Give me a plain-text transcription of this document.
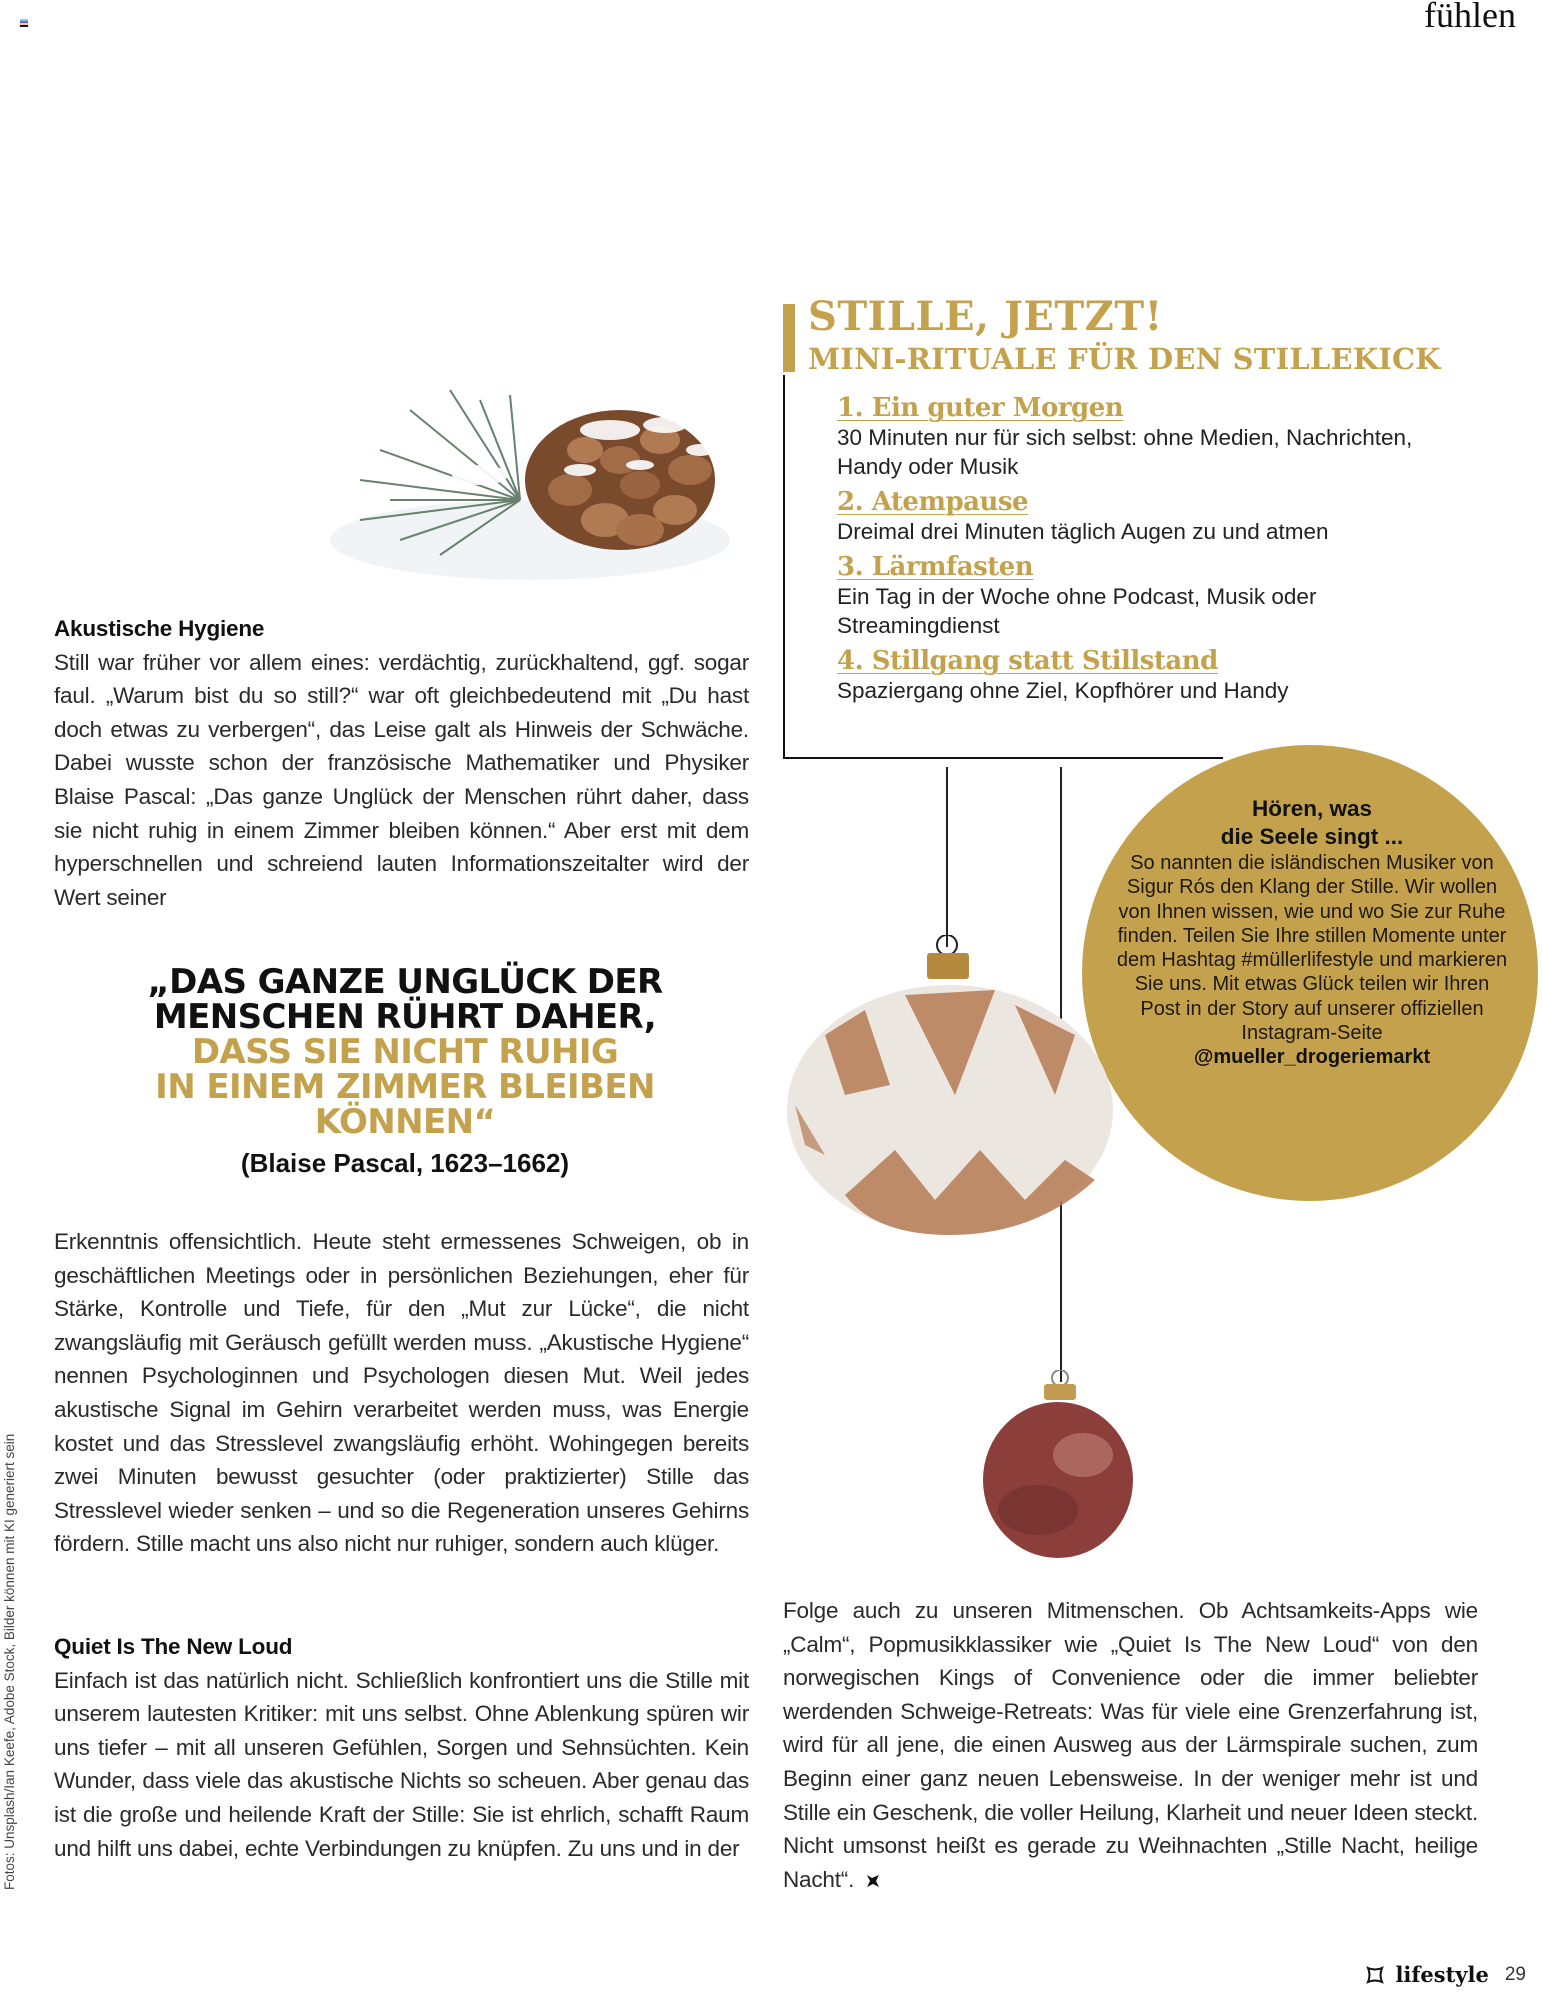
fühlen
Akustische Hygiene

Still war früher vor allem eines: verdächtig, zurückhaltend, ggf. sogar faul. „Warum bist du so still?“ war oft gleichbedeutend mit „Du hast doch etwas zu verbergen“, das Leise galt als Hinweis der Schwäche. Dabei wusste schon der französische Mathematiker und Physiker Blaise Pascal: „Das ganze Unglück der Menschen rührt daher, dass sie nicht ruhig in einem Zimmer bleiben können.“ Aber erst mit dem hyperschnellen und schreiend lauten Informationszeitalter wird der Wert seiner

„DAS GANZE UNGLÜCK DER
MENSCHEN RÜHRT DAHER,
DASS SIE NICHT RUHIG
IN EINEM ZIMMER BLEIBEN
KÖNNEN“
(Blaise Pascal, 1623–1662)

Erkenntnis offensichtlich. Heute steht ermessenes Schweigen, ob in geschäftlichen Meetings oder in persönlichen Beziehungen, eher für Stärke, Kontrolle und Tiefe, für den „Mut zur Lücke“, die nicht zwangsläufig mit Geräusch gefüllt werden muss. „Akustische Hygiene“ nennen Psychologinnen und Psychologen diesen Mut. Weil jedes akustische Signal im Gehirn verarbeitet werden muss, was Energie kostet und das Stresslevel zwangsläufig erhöht. Wohingegen bereits zwei Minuten bewusst gesuchter (oder praktizierter) Stille das Stresslevel wieder senken – und so die Regeneration unseres Gehirns fördern. Stille macht uns also nicht nur ruhiger, sondern auch klüger.

Quiet Is The New Loud

Einfach ist das natürlich nicht. Schließlich konfrontiert uns die Stille mit unserem lautesten Kritiker: mit uns selbst. Ohne Ablenkung spüren wir uns tiefer – mit all unseren Gefühlen, Sorgen und Sehnsüchten. Kein Wunder, dass viele das akustische Nichts so scheuen. Aber genau das ist die große und heilende Kraft der Stille: Sie ist ehrlich, schafft Raum und hilft uns dabei, echte Verbindungen zu knüpfen. Zu uns und in der

STILLE, JETZT!
MINI-RITUALE FÜR DEN STILLEKICK
1. Ein guter Morgen
30 Minuten nur für sich selbst: ohne Medien, Nachrichten, Handy oder Musik
2. Atempause
Dreimal drei Minuten täglich Augen zu und atmen
3. Lärmfasten
Ein Tag in der Woche ohne Podcast, Musik oder Streamingdienst
4. Stillgang statt Stillstand
Spaziergang ohne Ziel, Kopfhörer und Handy
Hören, was
die Seele singt ...
So nannten die isländischen Musiker von Sigur Rós den Klang der Stille. Wir wollen von Ihnen wissen, wie und wo Sie zur Ruhe finden. Teilen Sie Ihre stillen Momente unter dem Hashtag #müllerlifestyle und markieren Sie uns. Mit etwas Glück teilen wir Ihren Post in der Story auf unserer offiziellen Instagram-Seite
@mueller_drogeriemarkt

Folge auch zu unseren Mitmenschen. Ob Achtsamkeits-Apps wie „Calm“, Popmusikklassiker wie „Quiet Is The New Loud“ von den norwegischen Kings of Convenience oder die immer beliebter werdenden Schweige-Retreats: Was für viele eine Grenzerfahrung ist, wird für all jene, die einen Ausweg aus der Lärmspirale suchen, zum Beginn einer ganz neuen Lebensweise. In der weniger mehr ist und Stille ein Geschenk, die voller Heilung, Klarheit und neuer Ideen steckt. Nicht umsonst heißt es gerade zu Weihnachten „Stille Nacht, heilige Nacht“.

Fotos: Unsplash/Ian Keefe, Adobe Stock, Bilder können mit KI generiert sein
lifestyle 29
